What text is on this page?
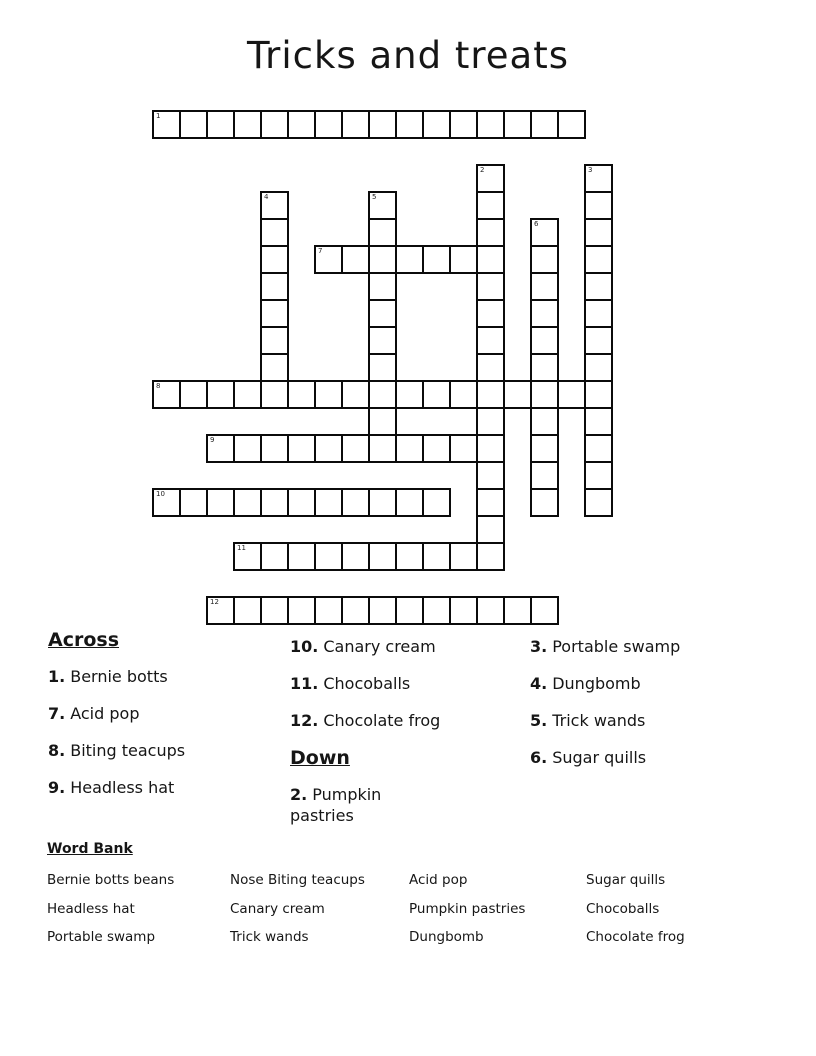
Tricks and treats
1
2	3
4	5
6
7
8
9
10
11
12
Across
1. Bernie botts
7. Acid pop
8. Biting teacups
9. Headless hat
10. Canary cream
11. Chocoballs
12. Chocolate frog
Down
2. Pumpkin pastries
3. Portable swamp
4. Dungbomb
5. Trick wands
6. Sugar quills
Word Bank
Bernie botts beans
Headless hat
Portable swamp
Nose Biting teacups
Canary cream
Trick wands
Acid pop
Pumpkin pastries
Dungbomb
Sugar quills
Chocoballs
Chocolate frog
